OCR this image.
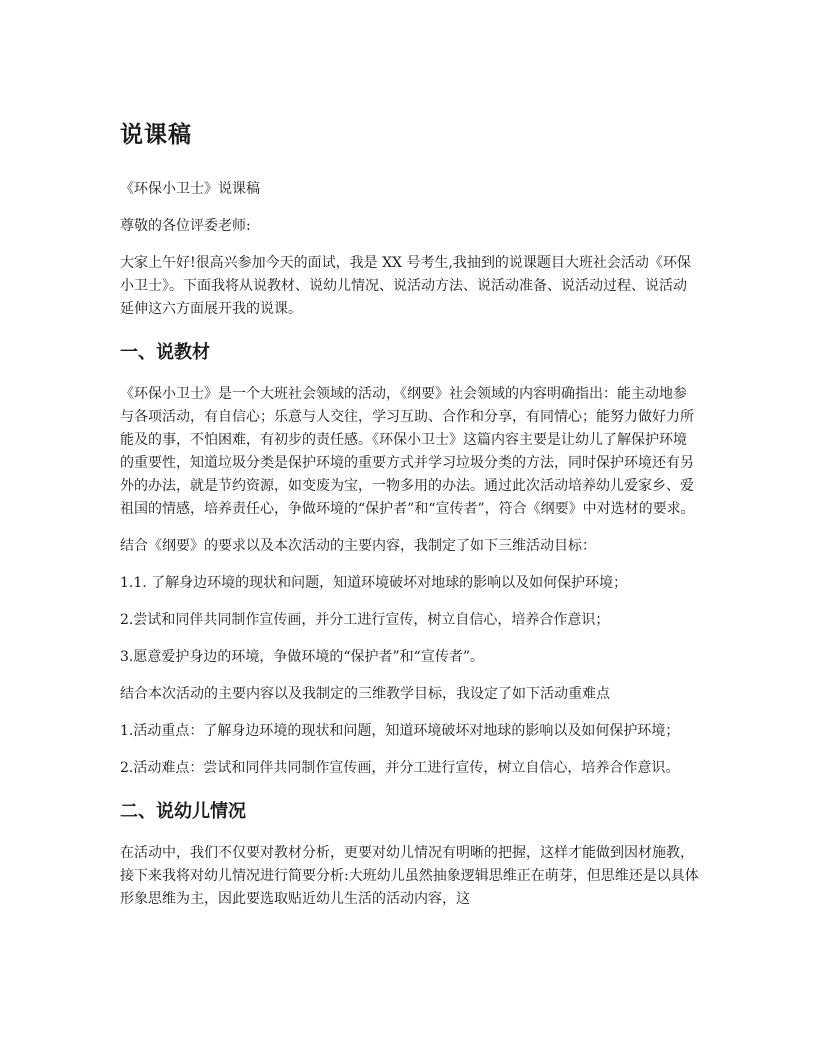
说课稿

《环保小卫士》说课稿

尊敬的各位评委老师:

大家上午好!很高兴参加今天的面试，我是 XX 号考生,我抽到的说课题目大班社会活动《环保小卫士》。下面我将从说教材、说幼儿情况、说活动方法、说活动准备、说活动过程、说活动延伸这六方面展开我的说课。

一、说教材

《环保小卫士》是一个大班社会领域的活动，《纲要》社会领域的内容明确指出：能主动地参与各项活动，有自信心；乐意与人交往，学习互助、合作和分享，有同情心；能努力做好力所能及的事，不怕困难，有初步的责任感。《环保小卫士》这篇内容主要是让幼儿了解保护环境的重要性，知道垃圾分类是保护环境的重要方式并学习垃圾分类的方法，同时保护环境还有另外的办法，就是节约资源，如变废为宝，一物多用的办法。通过此次活动培养幼儿爱家乡、爱祖国的情感，培养责任心，争做环境的“保护者”和“宣传者”，符合《纲要》中对选材的要求。

结合《纲要》的要求以及本次活动的主要内容，我制定了如下三维活动目标：

1.1. 了解身边环境的现状和问题，知道环境破坏对地球的影响以及如何保护环境；

2.尝试和同伴共同制作宣传画，并分工进行宣传，树立自信心，培养合作意识；

3.愿意爱护身边的环境，争做环境的“保护者”和“宣传者”。

结合本次活动的主要内容以及我制定的三维教学目标，我设定了如下活动重难点

1.活动重点：了解身边环境的现状和问题，知道环境破坏对地球的影响以及如何保护环境；

2.活动难点：尝试和同伴共同制作宣传画，并分工进行宣传，树立自信心，培养合作意识。

二、说幼儿情况

在活动中，我们不仅要对教材分析，更要对幼儿情况有明晰的把握，这样才能做到因材施教，接下来我将对幼儿情况进行简要分析:大班幼儿虽然抽象逻辑思维正在萌芽，但思维还是以具体形象思维为主，因此要选取贴近幼儿生活的活动内容，这
